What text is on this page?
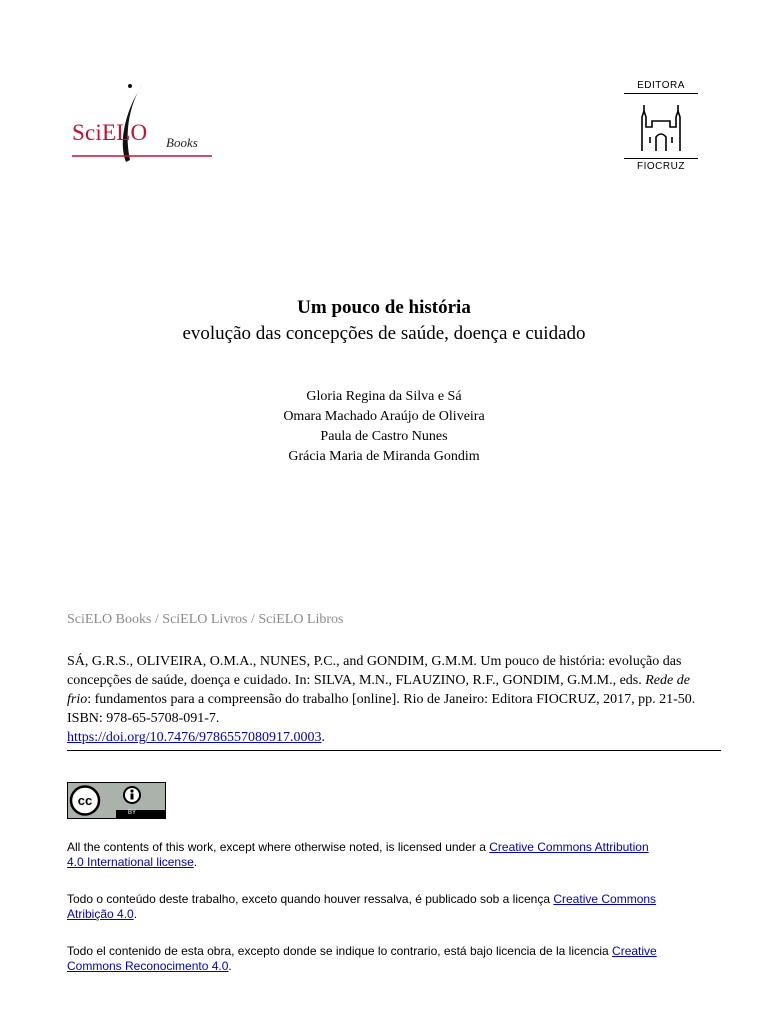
SciELO Books
EDITORA
FIOCRUZ
Um pouco de história
evolução das concepções de saúde, doença e cuidado
Gloria Regina da Silva e Sá
Omara Machado Araújo de Oliveira
Paula de Castro Nunes
Grácia Maria de Miranda Gondim
SciELO Books / SciELO Livros / SciELO Libros
SÁ, G.R.S., OLIVEIRA, O.M.A., NUNES, P.C., and GONDIM, G.M.M. Um pouco de história: evolução das concepções de saúde, doença e cuidado. In: SILVA, M.N., FLAUZINO, R.F., GONDIM, G.M.M., eds. Rede de frio: fundamentos para a compreensão do trabalho [online]. Rio de Janeiro: Editora FIOCRUZ, 2017, pp. 21-50. ISBN: 978-65-5708-091-7.
https://doi.org/10.7476/9786557080917.0003.
cc
BY
All the contents of this work, except where otherwise noted, is licensed under a Creative Commons Attribution 4.0 International license.
Todo o conteúdo deste trabalho, exceto quando houver ressalva, é publicado sob a licença Creative Commons Atribição 4.0.
Todo el contenido de esta obra, excepto donde se indique lo contrario, está bajo licencia de la licencia Creative Commons Reconocimento 4.0.
